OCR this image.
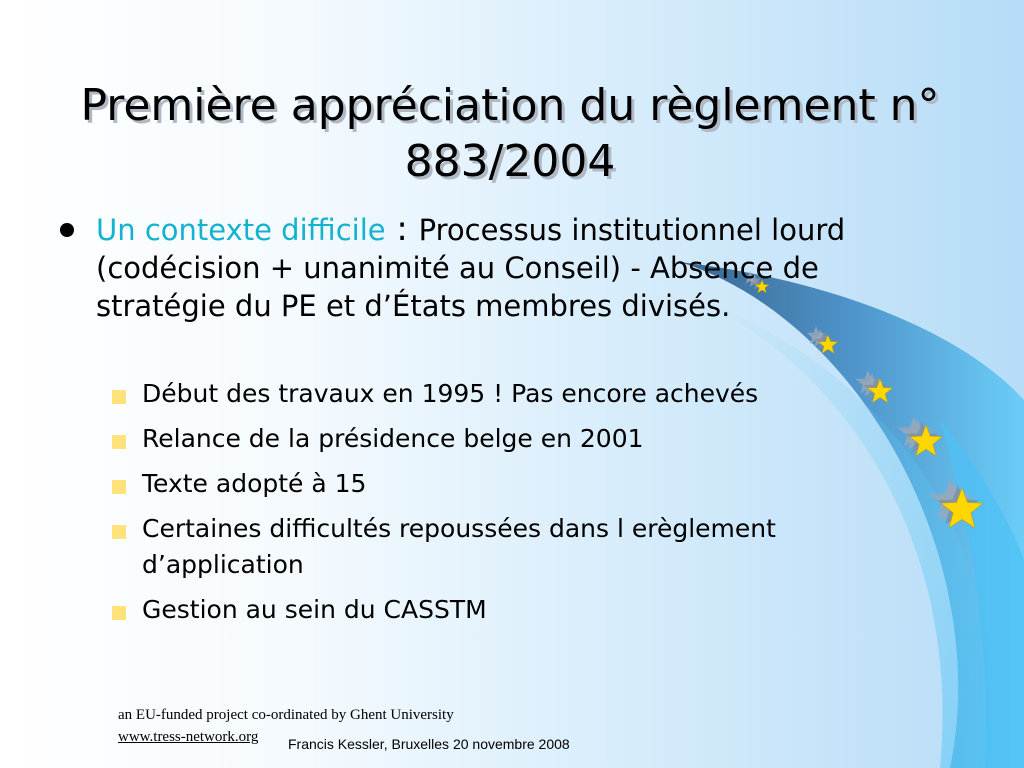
Première appréciation du règlement n°
883/2004
Un contexte difficile : Processus institutionnel lourd (codécision + unanimité au Conseil) - Absence de stratégie du PE et d’États membres divisés.
Début des travaux en 1995 ! Pas encore achevés
Relance de la présidence belge en 2001
Texte adopté à 15
Certaines difficultés repoussées dans l erèglement d’application
Gestion au sein du CASSTM
an EU-funded project co-ordinated by Ghent University
www.tress-network.org Francis Kessler, Bruxelles 20 novembre 2008
